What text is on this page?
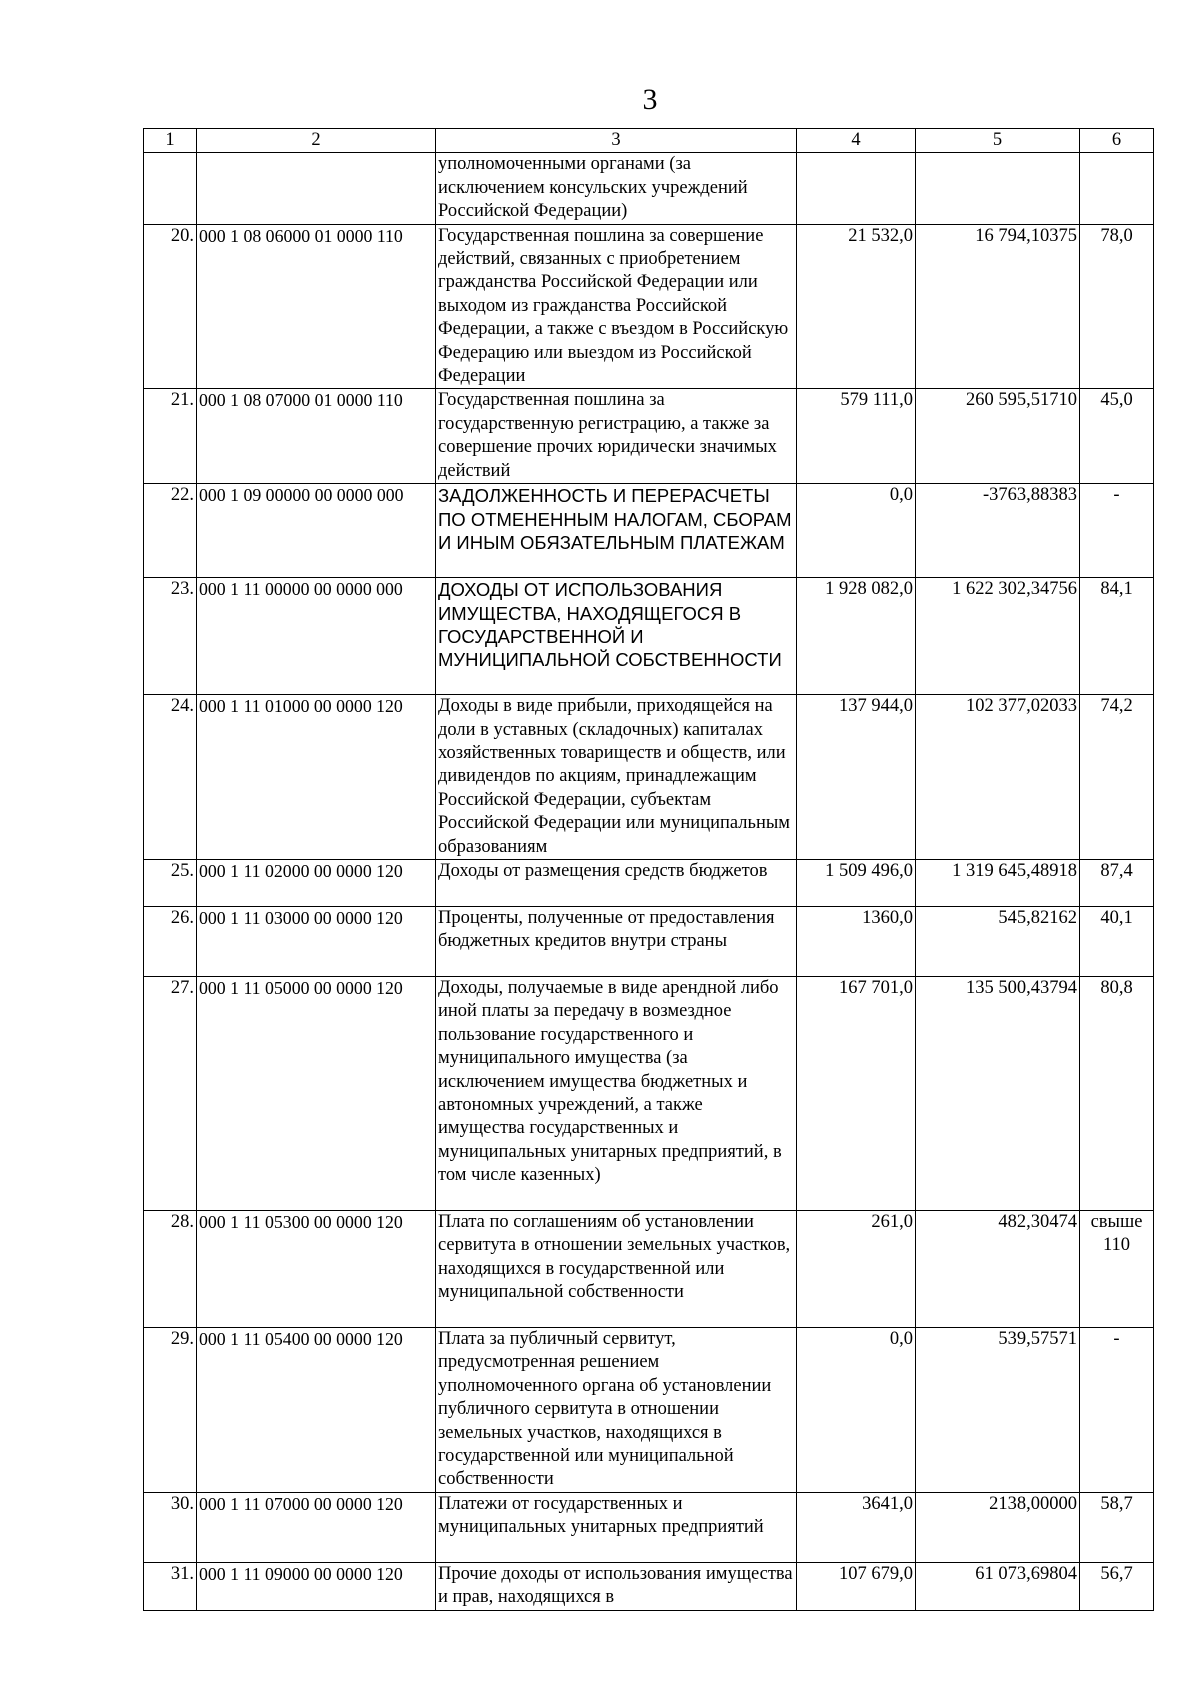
3
1	2	3	4	5	6
		уполномоченными органами (за исключением консульских учреждений Российской Федерации)			
20.	000 1 08 06000 01 0000 110	Государственная пошлина за совершение действий, связанных с приобретением гражданства Российской Федерации или выходом из гражданства Российской Федерации, а также с въездом в Российскую Федерацию или выездом из Российской Федерации	21 532,0	16 794,10375	78,0
21.	000 1 08 07000 01 0000 110	Государственная пошлина за государственную регистрацию, а также за совершение прочих юридически значимых действий	579 111,0	260 595,51710	45,0
22.	000 1 09 00000 00 0000 000	ЗАДОЛЖЕННОСТЬ И ПЕРЕРАСЧЕТЫ ПО ОТМЕНЕННЫМ НАЛОГАМ, СБОРАМ И ИНЫМ ОБЯЗАТЕЛЬНЫМ ПЛАТЕЖАМ	0,0	-3763,88383	-
23.	000 1 11 00000 00 0000 000	ДОХОДЫ ОТ ИСПОЛЬЗОВАНИЯ ИМУЩЕСТВА, НАХОДЯЩЕГОСЯ В ГОСУДАРСТВЕННОЙ И МУНИЦИПАЛЬНОЙ СОБСТВЕННОСТИ	1 928 082,0	1 622 302,34756	84,1
24.	000 1 11 01000 00 0000 120	Доходы в виде прибыли, приходящейся на доли в уставных (складочных) капиталах хозяйственных товариществ и обществ, или дивидендов по акциям, принадлежащим Российской Федерации, субъектам Российской Федерации или муниципальным образованиям	137 944,0	102 377,02033	74,2
25.	000 1 11 02000 00 0000 120	Доходы от размещения средств бюджетов	1 509 496,0	1 319 645,48918	87,4
26.	000 1 11 03000 00 0000 120	Проценты, полученные от предоставления бюджетных кредитов внутри страны	1360,0	545,82162	40,1
27.	000 1 11 05000 00 0000 120	Доходы, получаемые в виде арендной либо иной платы за передачу в возмездное пользование государственного и муниципального имущества (за исключением имущества бюджетных и автономных учреждений, а также имущества государственных и муниципальных унитарных предприятий, в том числе казенных)	167 701,0	135 500,43794	80,8
28.	000 1 11 05300 00 0000 120	Плата по соглашениям об установлении сервитута в отношении земельных участков, находящихся в государственной или муниципальной собственности	261,0	482,30474	свыше 110
29.	000 1 11 05400 00 0000 120	Плата за публичный сервитут, предусмотренная решением уполномоченного органа об установлении публичного сервитута в отношении земельных участков, находящихся в государственной или муниципальной собственности	0,0	539,57571	-
30.	000 1 11 07000 00 0000 120	Платежи от государственных и муниципальных унитарных предприятий	3641,0	2138,00000	58,7
31.	000 1 11 09000 00 0000 120	Прочие доходы от использования имущества и прав, находящихся в	107 679,0	61 073,69804	56,7
